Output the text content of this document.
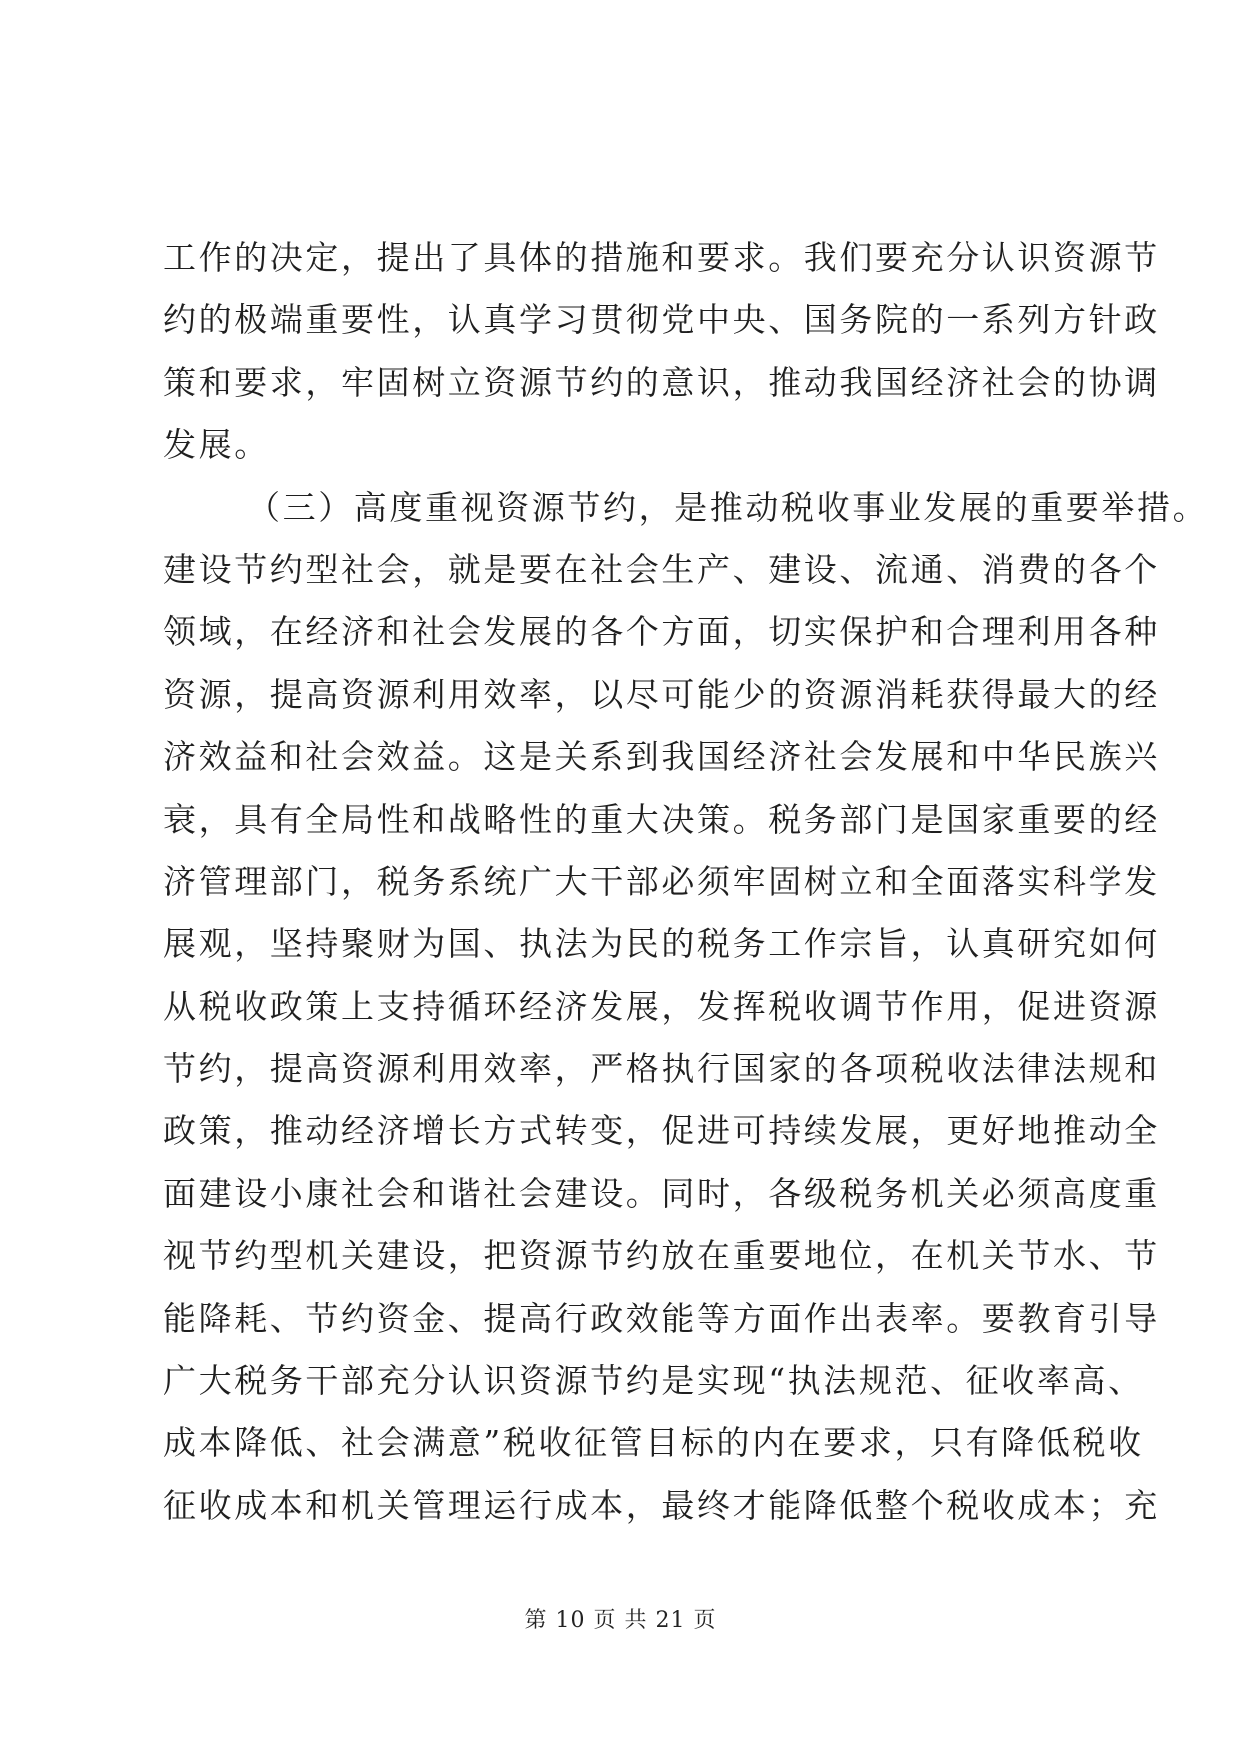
工作的决定，提出了具体的措施和要求。我们要充分认识资源节
约的极端重要性，认真学习贯彻党中央、国务院的一系列方针政
策和要求，牢固树立资源节约的意识，推动我国经济社会的协调
发展。
（三）高度重视资源节约，是推动税收事业发展的重要举措。
建设节约型社会，就是要在社会生产、建设、流通、消费的各个
领域，在经济和社会发展的各个方面，切实保护和合理利用各种
资源，提高资源利用效率，以尽可能少的资源消耗获得最大的经
济效益和社会效益。这是关系到我国经济社会发展和中华民族兴
衰，具有全局性和战略性的重大决策。税务部门是国家重要的经
济管理部门，税务系统广大干部必须牢固树立和全面落实科学发
展观，坚持聚财为国、执法为民的税务工作宗旨，认真研究如何
从税收政策上支持循环经济发展，发挥税收调节作用，促进资源
节约，提高资源利用效率，严格执行国家的各项税收法律法规和
政策，推动经济增长方式转变，促进可持续发展，更好地推动全
面建设小康社会和谐社会建设。同时，各级税务机关必须高度重
视节约型机关建设，把资源节约放在重要地位，在机关节水、节
能降耗、节约资金、提高行政效能等方面作出表率。要教育引导
广大税务干部充分认识资源节约是实现“执法规范、征收率高、
成本降低、社会满意”税收征管目标的内在要求，只有降低税收
征收成本和机关管理运行成本，最终才能降低整个税收成本；充
第 10 页 共 21 页
